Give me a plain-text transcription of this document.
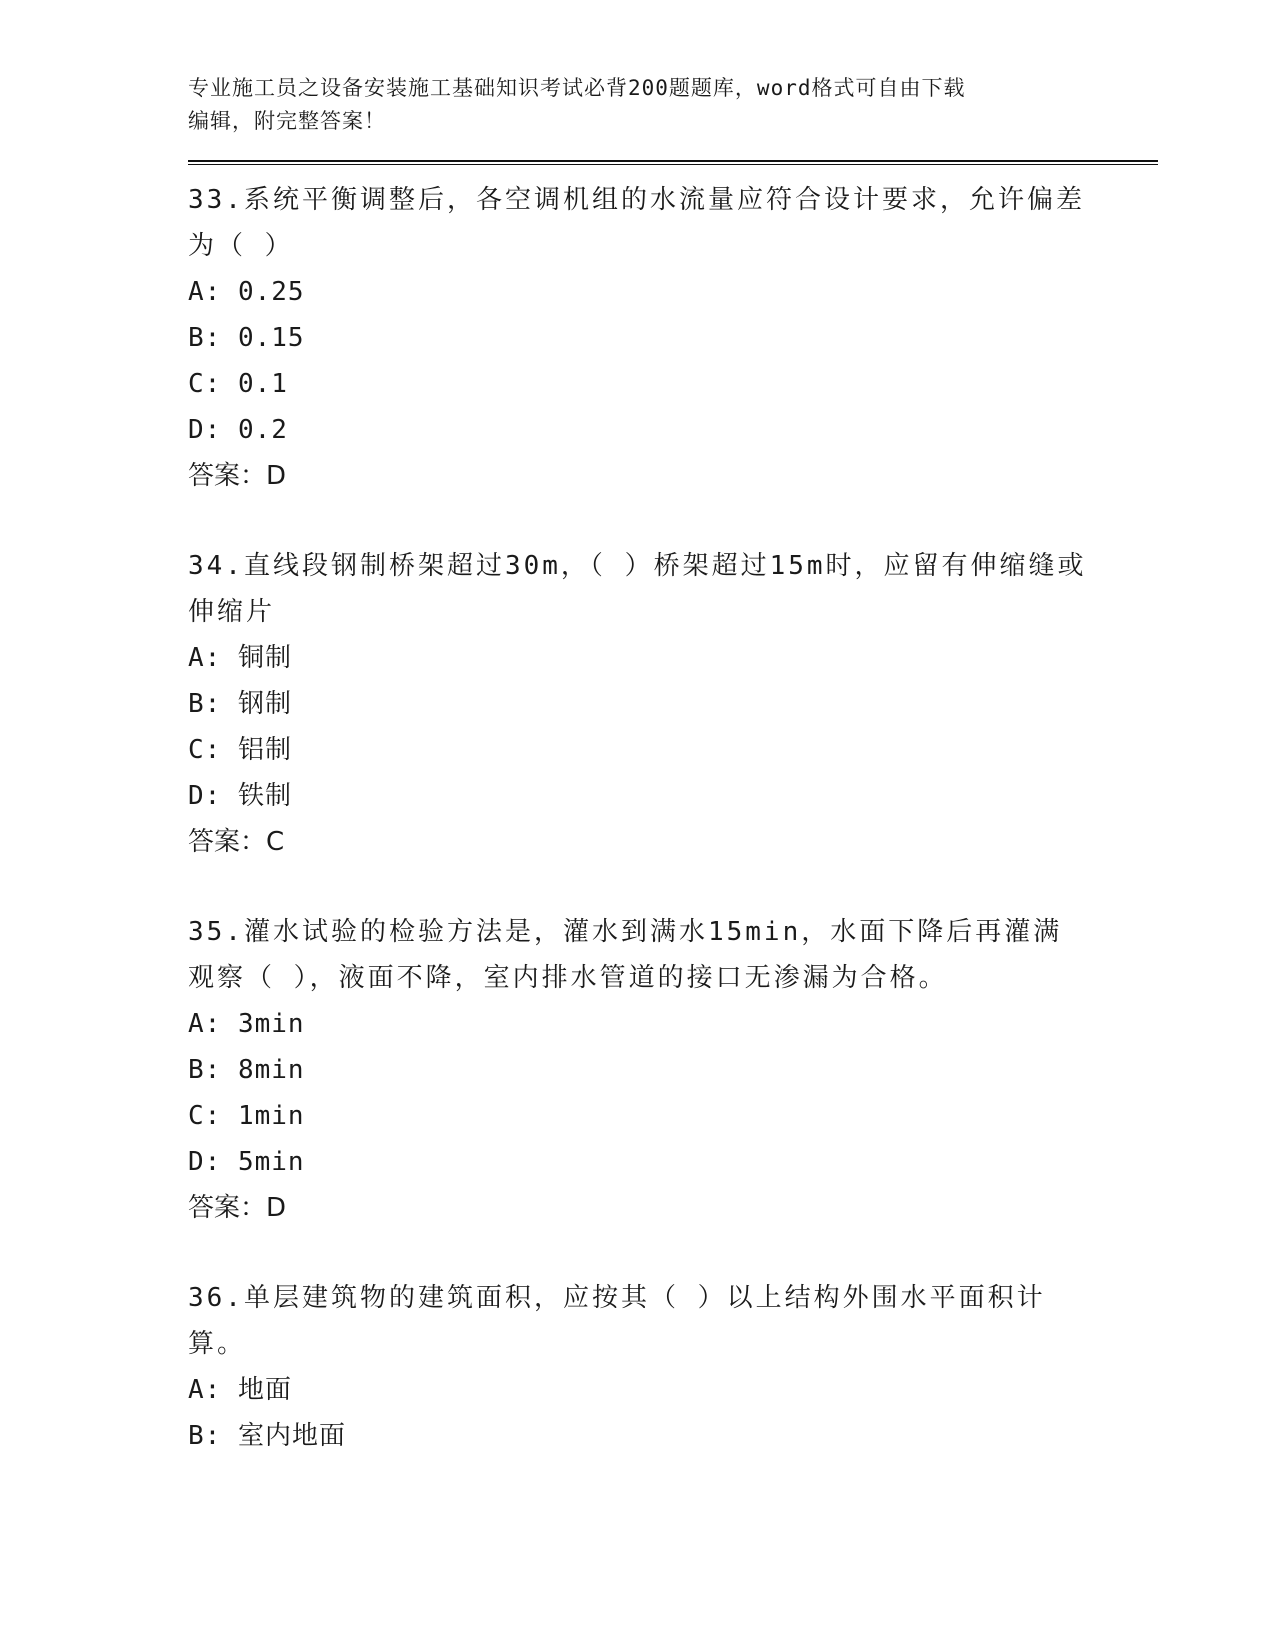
专业施工员之设备安装施工基础知识考试必背200题题库，word格式可自由下载
编辑，附完整答案！
33.系统平衡调整后，各空调机组的水流量应符合设计要求，允许偏差为（ ）
A: 0.25
B: 0.15
C: 0.1
D: 0.2
答案：D
34.直线段钢制桥架超过30m，（ ）桥架超过15m时，应留有伸缩缝或伸缩片
A: 铜制
B: 钢制
C: 铝制
D: 铁制
答案：C
35.灌水试验的检验方法是，灌水到满水15min，水面下降后再灌满观察（ ），液面不降，室内排水管道的接口无渗漏为合格。
A: 3min
B: 8min
C: 1min
D: 5min
答案：D
36.单层建筑物的建筑面积，应按其（ ）以上结构外围水平面积计算。
A: 地面
B: 室内地面
